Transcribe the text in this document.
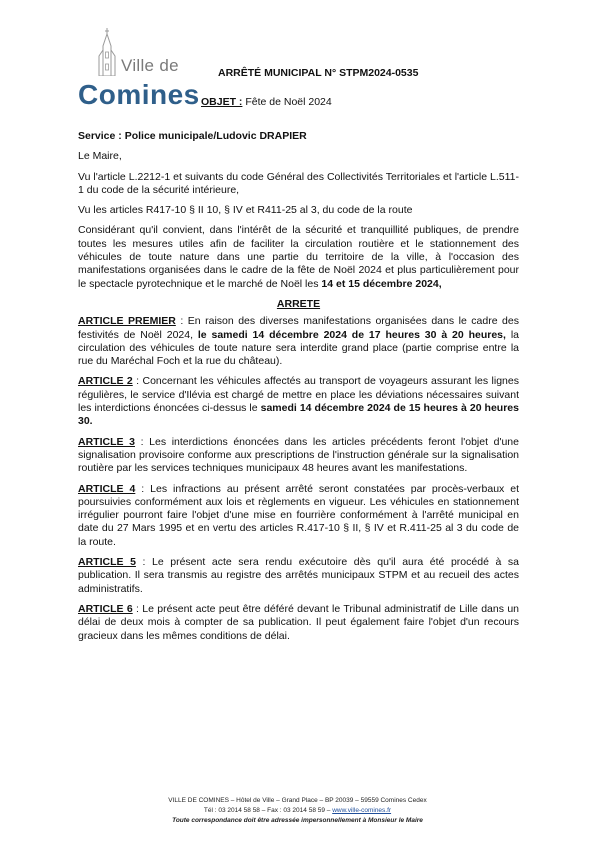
Ville de
Comines
ARRÊTÉ MUNICIPAL N° STPM2024-0535
OBJET : Fête de Noël 2024

Service : Police municipale/Ludovic DRAPIER

Le Maire,

Vu l'article L.2212-1 et suivants du code Général des Collectivités Territoriales et l'article L.511-1 du code de la sécurité intérieure,

Vu les articles R417-10 § II 10, § IV et R411-25 al 3, du code de la route

Considérant qu'il convient, dans l'intérêt de la sécurité et tranquillité publiques, de prendre toutes les mesures utiles afin de faciliter la circulation routière et le stationnement des véhicules de toute nature dans une partie du territoire de la ville, à l'occasion des manifestations organisées dans le cadre de la fête de Noël 2024 et plus particulièrement pour le spectacle pyrotechnique et le marché de Noël les 14 et 15 décembre 2024,

ARRETE

ARTICLE PREMIER : En raison des diverses manifestations organisées dans le cadre des festivités de Noël 2024, le samedi 14 décembre 2024 de 17 heures 30 à 20 heures, la circulation des véhicules de toute nature sera interdite grand place (partie comprise entre la rue du Maréchal Foch et la rue du château).

ARTICLE 2 : Concernant les véhicules affectés au transport de voyageurs assurant les lignes régulières, le service d'Ilévia est chargé de mettre en place les déviations nécessaires suivant les interdictions énoncées ci-dessus le samedi 14 décembre 2024 de 15 heures à 20 heures 30.

ARTICLE 3 : Les interdictions énoncées dans les articles précédents feront l'objet d'une signalisation provisoire conforme aux prescriptions de l'instruction générale sur la signalisation routière par les services techniques municipaux 48 heures avant les manifestations.

ARTICLE 4 : Les infractions au présent arrêté seront constatées par procès-verbaux et poursuivies conformément aux lois et règlements en vigueur. Les véhicules en stationnement irrégulier pourront faire l'objet d'une mise en fourrière conformément à l'arrêté municipal en date du 27 Mars 1995 et en vertu des articles R.417-10 § II, § IV et R.411-25 al 3 du code de la route.

ARTICLE 5 : Le présent acte sera rendu exécutoire dès qu'il aura été procédé à sa publication. Il sera transmis au registre des arrêtés municipaux STPM et au recueil des actes administratifs.

ARTICLE 6 : Le présent acte peut être déféré devant le Tribunal administratif de Lille dans un délai de deux mois à compter de sa publication. Il peut également faire l'objet d'un recours gracieux dans les mêmes conditions de délai.

VILLE DE COMINES – Hôtel de Ville – Grand Place – BP 20039 – 59559 Comines Cedex
Tél : 03 2014 58 58 – Fax : 03 2014 58 59 – www.ville-comines.fr
Toute correspondance doit être adressée impersonnellement à Monsieur le Maire
